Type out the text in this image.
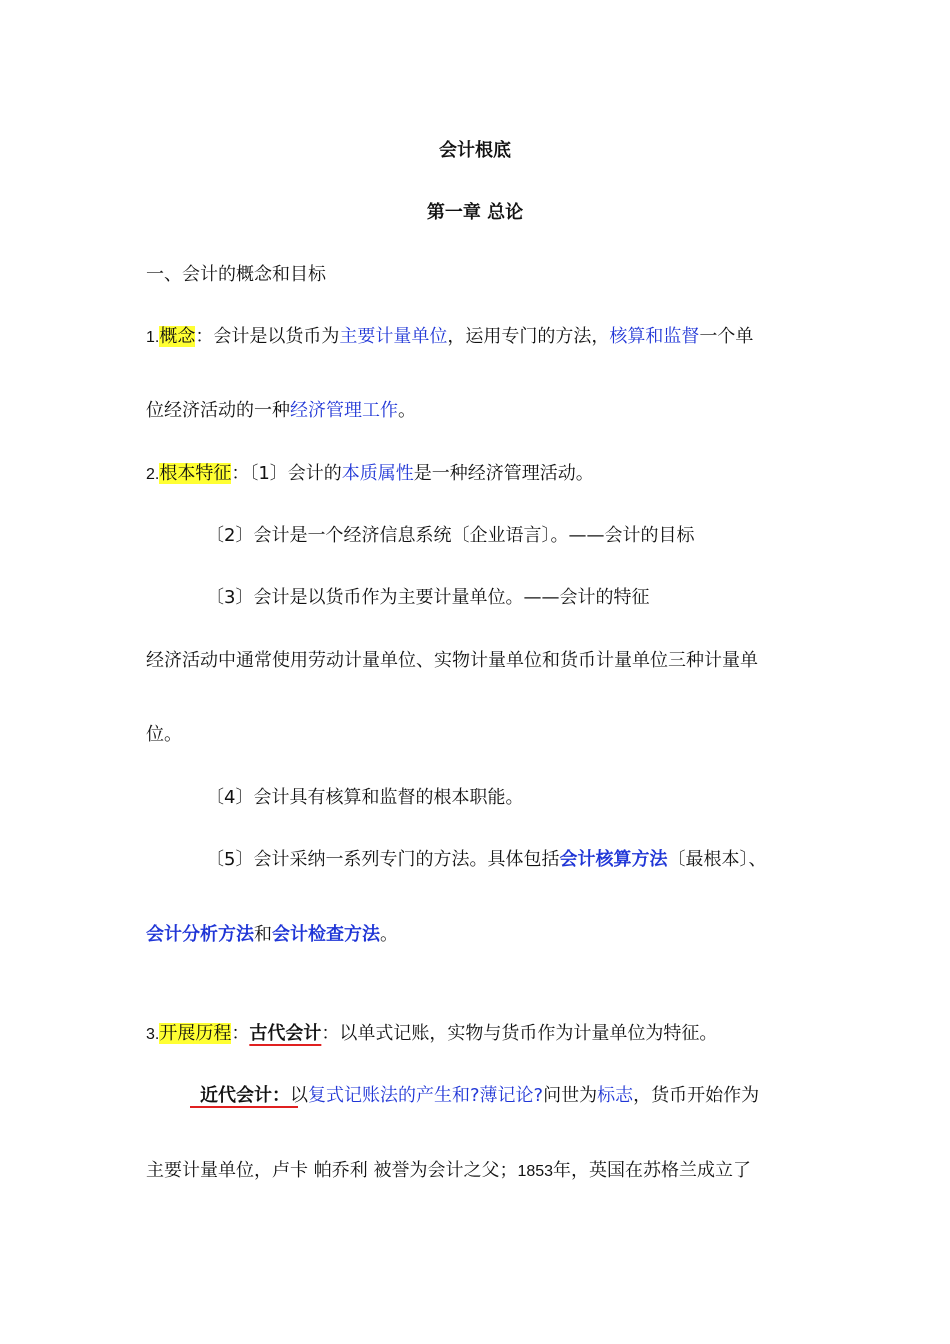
会计根底
第一章 总论
一、会计的概念和目标
1.概念：会计是以货币为主要计量单位，运用专门的方法，核算和监督一个单
位经济活动的一种经济管理工作。
2.根本特征：〔1〕会计的本质属性是一种经济管理活动。
〔2〕会计是一个经济信息系统〔企业语言〕。——会计的目标
〔3〕会计是以货币作为主要计量单位。——会计的特征
经济活动中通常使用劳动计量单位、实物计量单位和货币计量单位三种计量单
位。
〔4〕会计具有核算和监督的根本职能。
〔5〕会计采纳一系列专门的方法。具体包括会计核算方法〔最根本〕、
会计分析方法和会计检查方法。
3.开展历程：古代会计：以单式记账，实物与货币作为计量单位为特征。
近代会计：以复式记账法的产生和?薄记论?问世为标志，货币开始作为
主要计量单位，卢卡 帕乔利 被誉为会计之父；1853年，英国在苏格兰成立了
